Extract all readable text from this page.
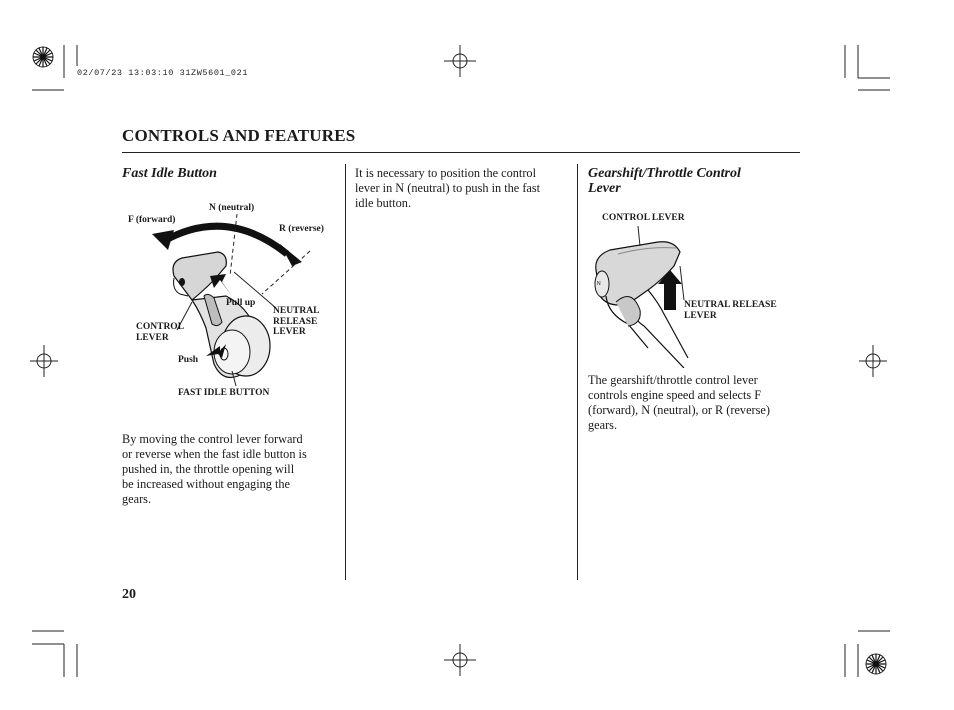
02/07/23 13:03:10 31ZW5601_021
CONTROLS AND FEATURES
Fast Idle Button
N (neutral)
F (forward)
R (reverse)
Pull up
NEUTRAL
RELEASE
LEVER
CONTROL
LEVER
Push
FAST IDLE BUTTON
By moving the control lever forward
or reverse when the fast idle button is
pushed in, the throttle opening will
be increased without engaging the
gears.
It is necessary to position the control
lever in N (neutral) to push in the fast
idle button.
Gearshift/Throttle Control
Lever
N
CONTROL LEVER
NEUTRAL RELEASE
LEVER
The gearshift/throttle control lever
controls engine speed and selects F
(forward), N (neutral), or R (reverse)
gears.
20
